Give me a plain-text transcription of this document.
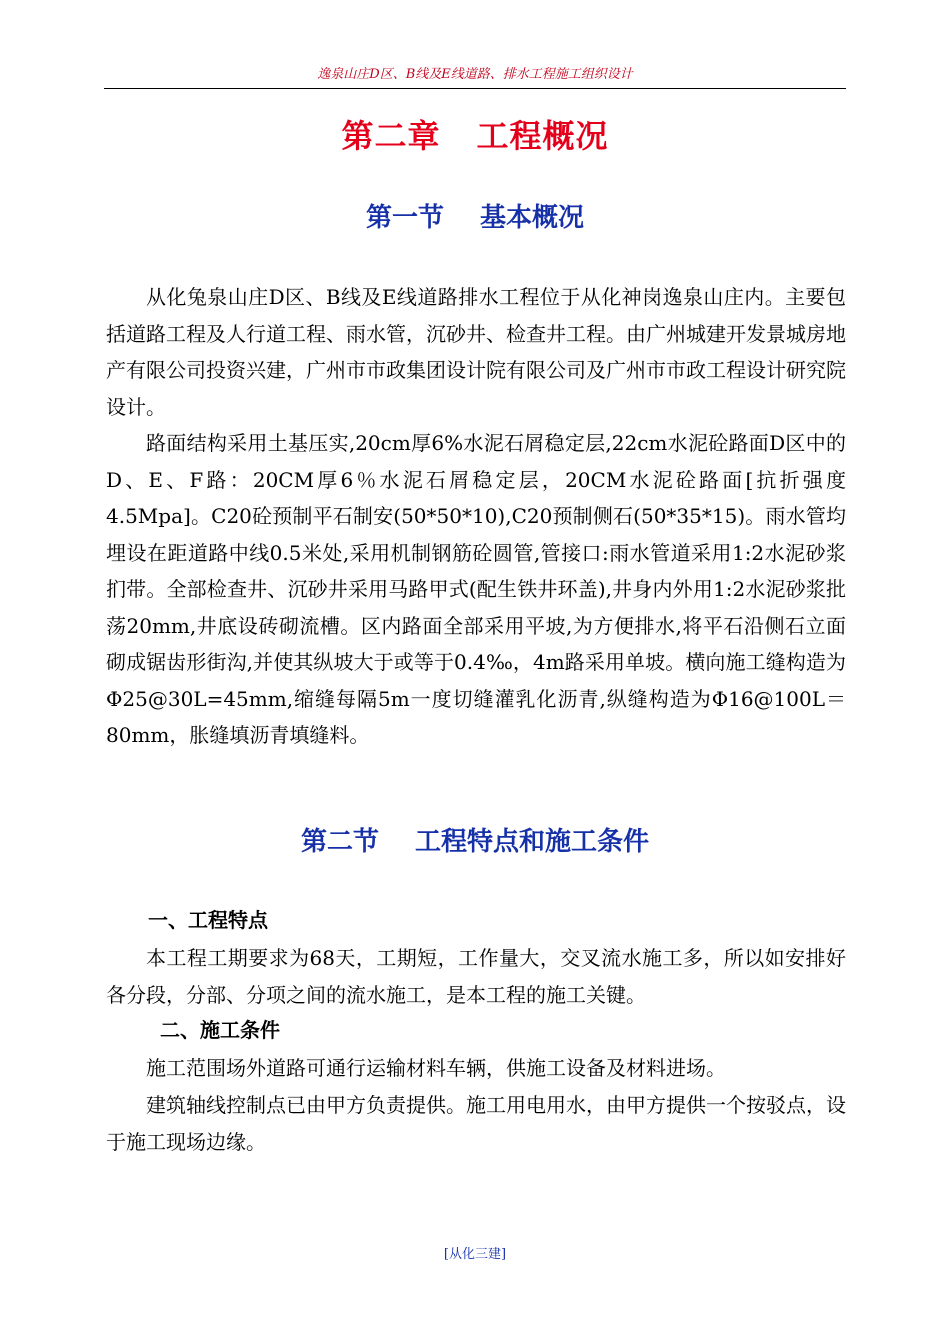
逸泉山庄D区、B线及E线道路、排水工程施工组织设计
第二章 工程概况
第一节 基本概况

从化兔泉山庄D区、B线及E线道路排水工程位于从化神岗逸泉山庄内。主要包括道路工程及人行道工程、雨水管，沉砂井、检查井工程。由广州城建开发景城房地产有限公司投资兴建，广州市市政集团设计院有限公司及广州市市政工程设计研究院设计。

路面结构采用土基压实,20cm厚6%水泥石屑稳定层,22cm水泥砼路面D区中的D、E、F路：20CM厚6％水泥石屑稳定层，20CM水泥砼路面[抗折强度4.5Mpa]。C20砼预制平石制安(50*50*10),C20预制侧石(50*35*15)。雨水管均埋设在距道路中线0.5米处,采用机制钢筋砼圆管,管接口:雨水管道采用1:2水泥砂浆扪带。全部检查井、沉砂井采用马路甲式(配生铁井环盖),井身内外用1:2水泥砂浆批荡20mm,井底设砖砌流槽。区内路面全部采用平坡,为方便排水,将平石沿侧石立面砌成锯齿形街沟,并使其纵坡大于或等于0.4‰，4m路采用单坡。横向施工缝构造为Φ25@30L=45mm,缩缝每隔5m一度切缝灌乳化沥青,纵缝构造为Φ16@100L＝80mm，胀缝填沥青填缝料。

第二节 工程特点和施工条件
一、工程特点

本工程工期要求为68天，工期短，工作量大，交叉流水施工多，所以如安排好各分段，分部、分项之间的流水施工，是本工程的施工关键。

二、施工条件

施工范围场外道路可通行运输材料车辆，供施工设备及材料进场。

建筑轴线控制点已由甲方负责提供。施工用电用水，由甲方提供一个按驳点，设于施工现场边缘。

[从化三建]
